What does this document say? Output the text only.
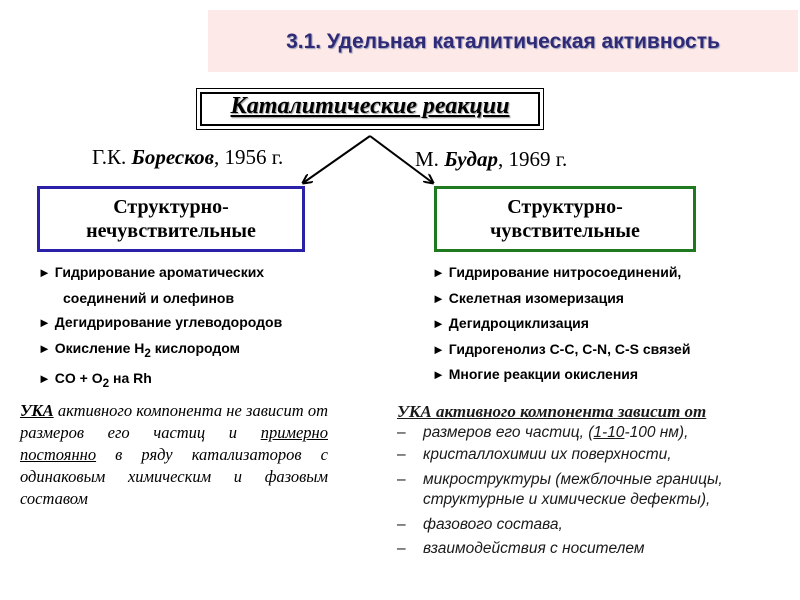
3.1. Удельная каталитическая активность
Каталитические реакции
Г.К. Боресков, 1956 г.	М. Будар, 1969 г.
Структурно-
нечувствительные
Структурно-
чувствительные
► Гидрирование ароматических
соединений и олефинов
► Дегидрирование углеводородов
► Окисление $H_2$ кислородом
► CO + $O_2$ на Rh
► Гидрирование нитросоединений,
► Скелетная изомеризация
► Дегидроциклизация
► Гидрогенолиз C-C, C-N, C-S связей
► Многие реакции окисления
УКА активного компонента не зависит от размеров его частиц и примерно постоянно в ряду катализаторов с одинаковым химическим и фазовым составом
УКА активного компонента зависит от
– размеров его частиц, (1-10-100 нм),
– кристаллохимии их поверхности,
– микроструктуры (межблочные границы,
структурные и химические дефекты),
– фазового состава,
– взаимодействия с носителем
